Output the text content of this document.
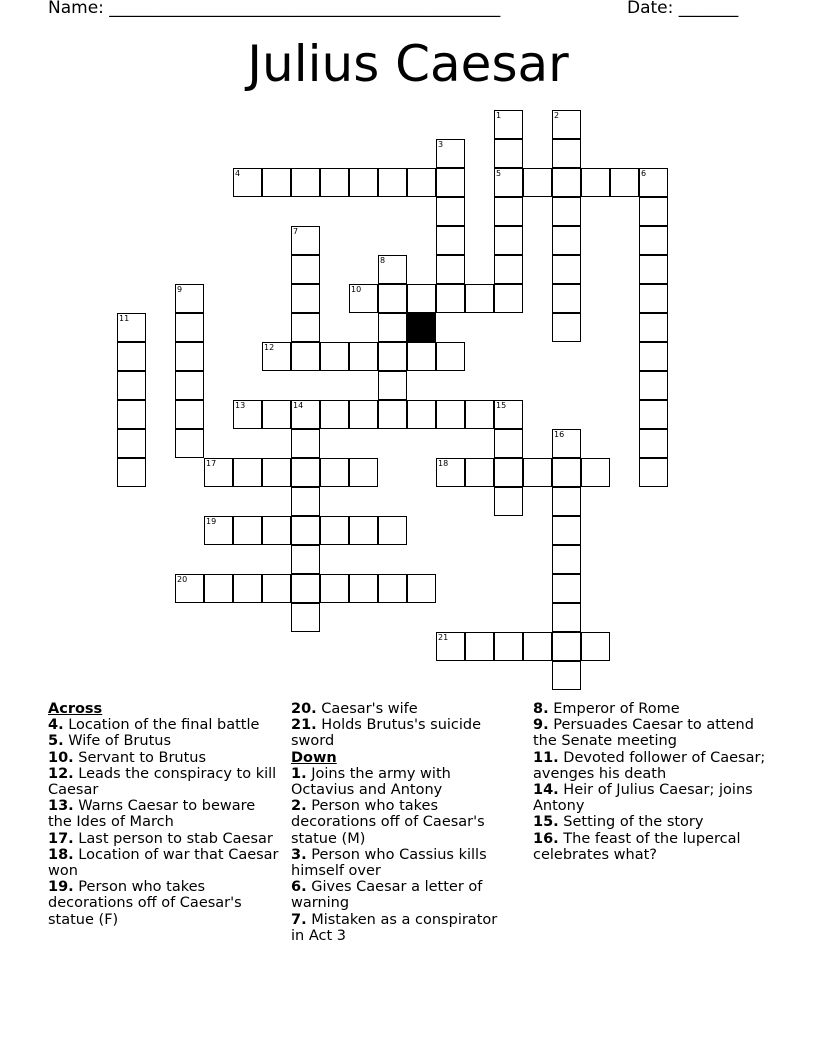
Name: ______________________________________________	Date: _______
Julius Caesar
1
5
2
3
4	6
7
8
9	10
11
12
13	14	15
16
17	18
19
20
21
Across
4. Location of the final battle
5. Wife of Brutus
10. Servant to Brutus
12. Leads the conspiracy to kill Caesar
13. Warns Caesar to beware the Ides of March
17. Last person to stab Caesar
18. Location of war that Caesar won
19. Person who takes decorations off of Caesar's statue (F)
20. Caesar's wife
21. Holds Brutus's suicide sword
Down
1. Joins the army with Octavius and Antony
2. Person who takes decorations off of Caesar's statue (M)
3. Person who Cassius kills himself over
6. Gives Caesar a letter of warning
7. Mistaken as a conspirator in Act 3
8. Emperor of Rome
9. Persuades Caesar to attend the Senate meeting
11. Devoted follower of Caesar; avenges his death
14. Heir of Julius Caesar; joins Antony
15. Setting of the story
16. The feast of the lupercal celebrates what?
